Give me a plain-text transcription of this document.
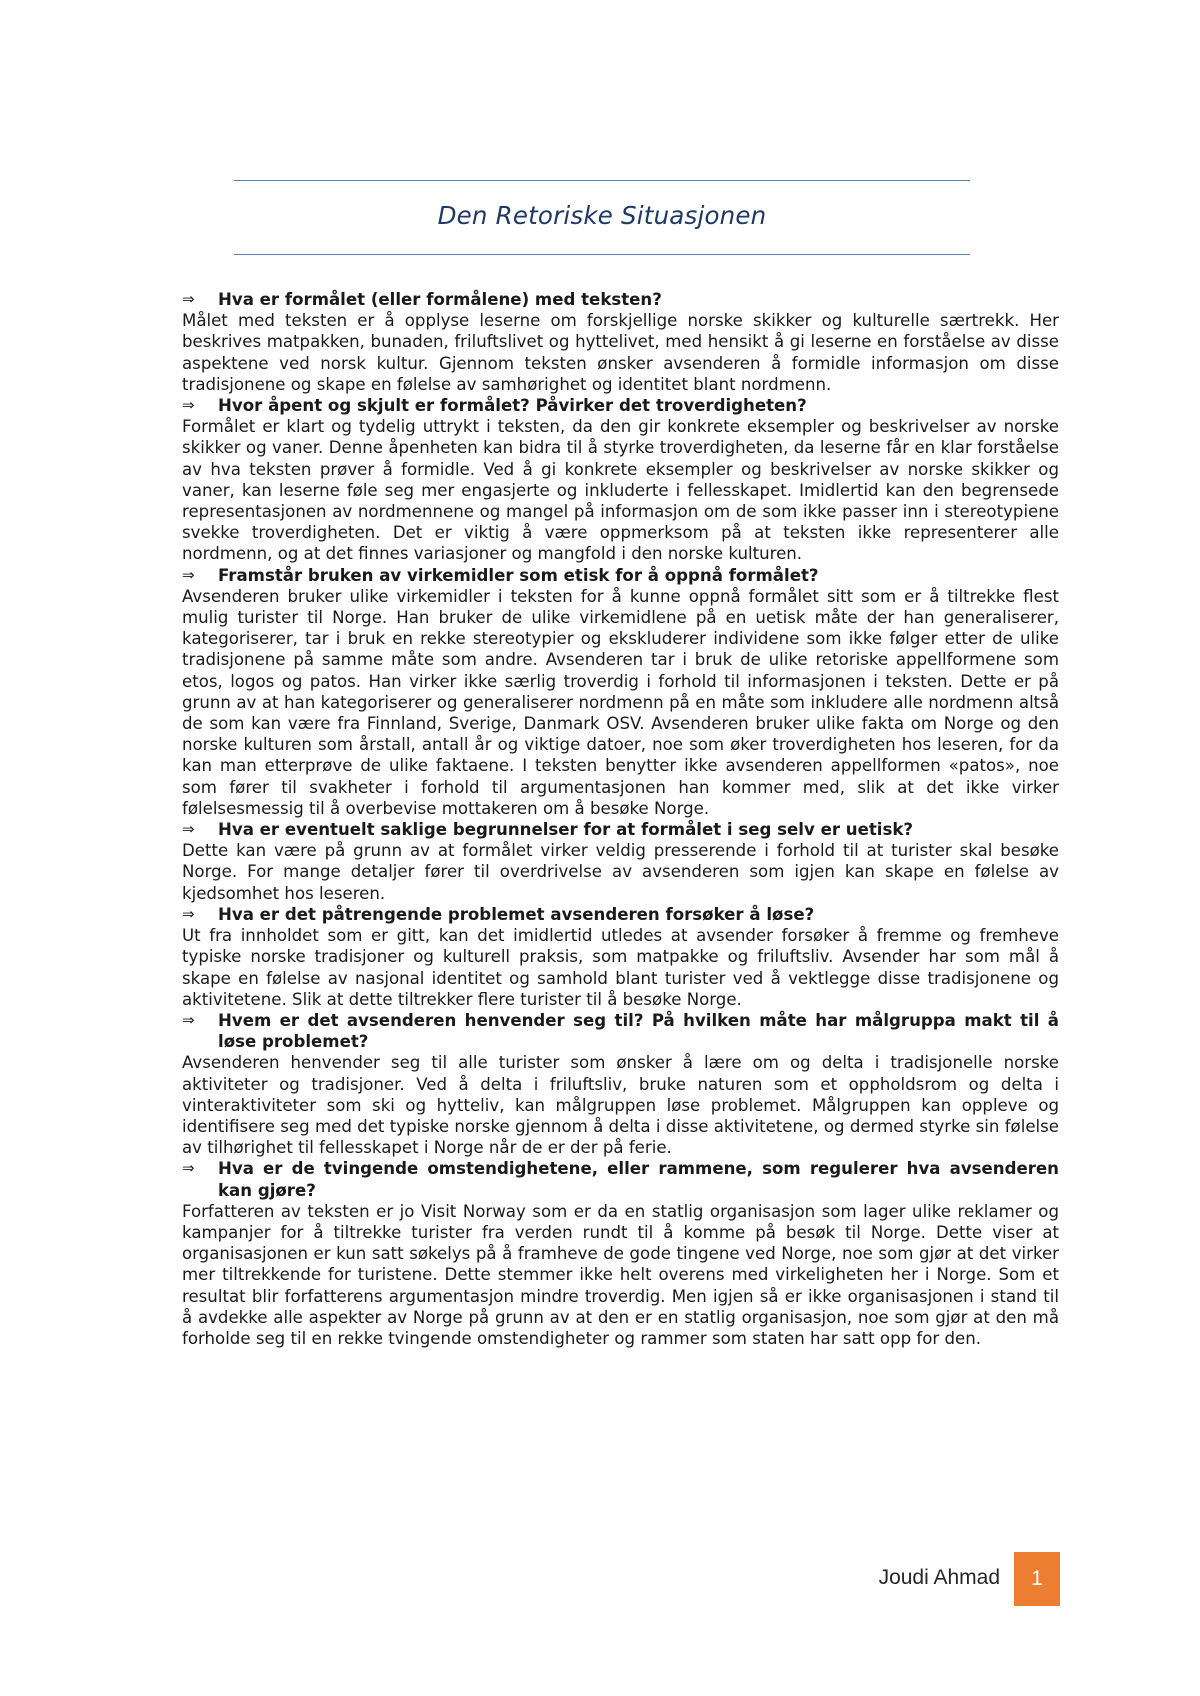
Den Retoriske Situasjonen
⇒	Hva er formålet (eller formålene) med teksten?

Målet med teksten er å opplyse leserne om forskjellige norske skikker og kulturelle særtrekk. Her beskrives matpakken, bunaden, friluftslivet og hyttelivet, med hensikt å gi leserne en forståelse av disse aspektene ved norsk kultur. Gjennom teksten ønsker avsenderen å formidle informasjon om disse tradisjonene og skape en følelse av samhørighet og identitet blant nordmenn.

⇒	Hvor åpent og skjult er formålet? Påvirker det troverdigheten?

Formålet er klart og tydelig uttrykt i teksten, da den gir konkrete eksempler og beskrivelser av norske skikker og vaner. Denne åpenheten kan bidra til å styrke troverdigheten, da leserne får en klar forståelse av hva teksten prøver å formidle. Ved å gi konkrete eksempler og beskrivelser av norske skikker og vaner, kan leserne føle seg mer engasjerte og inkluderte i fellesskapet. Imidlertid kan den begrensede representasjonen av nordmennene og mangel på informasjon om de som ikke passer inn i stereotypiene svekke troverdigheten. Det er viktig å være oppmerksom på at teksten ikke representerer alle nordmenn, og at det finnes variasjoner og mangfold i den norske kulturen.

⇒	Framstår bruken av virkemidler som etisk for å oppnå formålet?

Avsenderen bruker ulike virkemidler i teksten for å kunne oppnå formålet sitt som er å tiltrekke flest mulig turister til Norge. Han bruker de ulike virkemidlene på en uetisk måte der han generaliserer, kategoriserer, tar i bruk en rekke stereotypier og ekskluderer individene som ikke følger etter de ulike tradisjonene på samme måte som andre. Avsenderen tar i bruk de ulike retoriske appellformene som etos, logos og patos. Han virker ikke særlig troverdig i forhold til informasjonen i teksten. Dette er på grunn av at han kategoriserer og generaliserer nordmenn på en måte som inkludere alle nordmenn altså de som kan være fra Finnland, Sverige, Danmark OSV. Avsenderen bruker ulike fakta om Norge og den norske kulturen som årstall, antall år og viktige datoer, noe som øker troverdigheten hos leseren, for da kan man etterprøve de ulike faktaene. I teksten benytter ikke avsenderen appellformen «patos», noe som fører til svakheter i forhold til argumentasjonen han kommer med, slik at det ikke virker følelsesmessig til å overbevise mottakeren om å besøke Norge.

⇒	Hva er eventuelt saklige begrunnelser for at formålet i seg selv er uetisk?

Dette kan være på grunn av at formålet virker veldig presserende i forhold til at turister skal besøke Norge. For mange detaljer fører til overdrivelse av avsenderen som igjen kan skape en følelse av kjedsomhet hos leseren.

⇒	Hva er det påtrengende problemet avsenderen forsøker å løse?

Ut fra innholdet som er gitt, kan det imidlertid utledes at avsender forsøker å fremme og fremheve typiske norske tradisjoner og kulturell praksis, som matpakke og friluftsliv. Avsender har som mål å skape en følelse av nasjonal identitet og samhold blant turister ved å vektlegge disse tradisjonene og aktivitetene. Slik at dette tiltrekker flere turister til å besøke Norge.

⇒	Hvem er det avsenderen henvender seg til? På hvilken måte har målgruppa makt til å løse problemet?

Avsenderen henvender seg til alle turister som ønsker å lære om og delta i tradisjonelle norske aktiviteter og tradisjoner. Ved å delta i friluftsliv, bruke naturen som et oppholdsrom og delta i vinteraktiviteter som ski og hytteliv, kan målgruppen løse problemet. Målgruppen kan oppleve og identifisere seg med det typiske norske gjennom å delta i disse aktivitetene, og dermed styrke sin følelse av tilhørighet til fellesskapet i Norge når de er der på ferie.

⇒	Hva er de tvingende omstendighetene, eller rammene, som regulerer hva avsenderen kan gjøre?

Forfatteren av teksten er jo Visit Norway som er da en statlig organisasjon som lager ulike reklamer og kampanjer for å tiltrekke turister fra verden rundt til å komme på besøk til Norge. Dette viser at organisasjonen er kun satt søkelys på å framheve de gode tingene ved Norge, noe som gjør at det virker mer tiltrekkende for turistene. Dette stemmer ikke helt overens med virkeligheten her i Norge. Som et resultat blir forfatterens argumentasjon mindre troverdig. Men igjen så er ikke organisasjonen i stand til å avdekke alle aspekter av Norge på grunn av at den er en statlig organisasjon, noe som gjør at den må forholde seg til en rekke tvingende omstendigheter og rammer som staten har satt opp for den.

Joudi Ahmad	1
